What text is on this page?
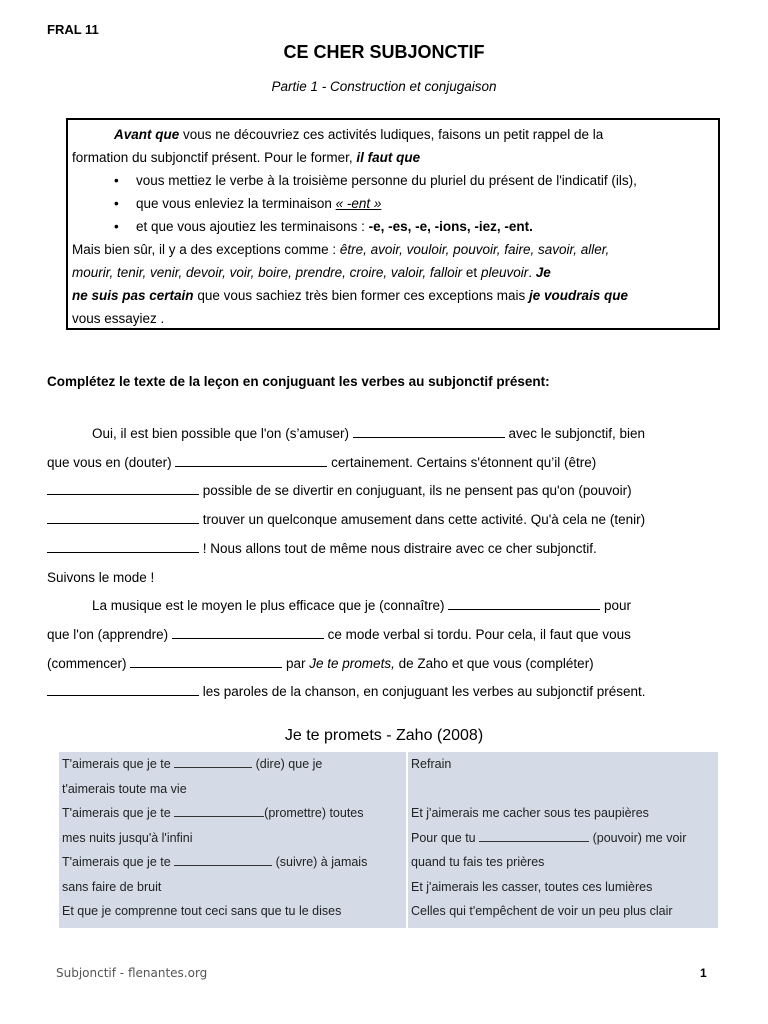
FRAL 11
CE CHER SUBJONCTIF
Partie 1 - Construction et conjugaison
Avant que vous ne découvriez ces activités ludiques, faisons un petit rappel de la
formation du subjonctif présent. Pour le former, il faut que
• vous mettiez le verbe à la troisième personne du pluriel du présent de l'indicatif (ils),
• que vous enleviez la terminaison « -ent »
• et que vous ajoutiez les terminaisons : -e, -es, -e, -ions, -iez, -ent.
Mais bien sûr, il y a des exceptions comme : être, avoir, vouloir, pouvoir, faire, savoir, aller,
mourir, tenir, venir, devoir, voir, boire, prendre, croire, valoir, falloir et pleuvoir. Je
ne suis pas certain que vous sachiez très bien former ces exceptions mais je voudrais que
vous essayiez .
Complétez le texte de la leçon en conjuguant les verbes au subjonctif présent:

Oui, il est bien possible que l'on (s’amuser)	avec le subjonctif, bien

que vous en (douter)	certainement. Certains s'étonnent qu’il (être)

possible de se divertir en conjuguant, ils ne pensent pas qu'on (pouvoir)

trouver un quelconque amusement dans cette activité. Qu'à cela ne (tenir)

! Nous allons tout de même nous distraire avec ce cher subjonctif.

Suivons le mode !

La musique est le moyen le plus efficace que je (connaître)	pour

que l'on (apprendre)	ce mode verbal si tordu. Pour cela, il faut que vous

(commencer)	par Je te promets, de Zaho et que vous (compléter)

les paroles de la chanson, en conjuguant les verbes au subjonctif présent.

Je te promets - Zaho (2008)
T'aimerais que je te	(dire) que je
t'aimerais toute ma vie
T'aimerais que je te	(promettre) toutes
mes nuits jusqu'à l'infini
T'aimerais que je te	(suivre) à jamais
sans faire de bruit
Et que je comprenne tout ceci sans que tu le dises
Refrain

Et j'aimerais me cacher sous tes paupières
Pour que tu	(pouvoir) me voir
quand tu fais tes prières
Et j'aimerais les casser, toutes ces lumières
Celles qui t'empêchent de voir un peu plus clair
Subjonctif - flenantes.org	1
